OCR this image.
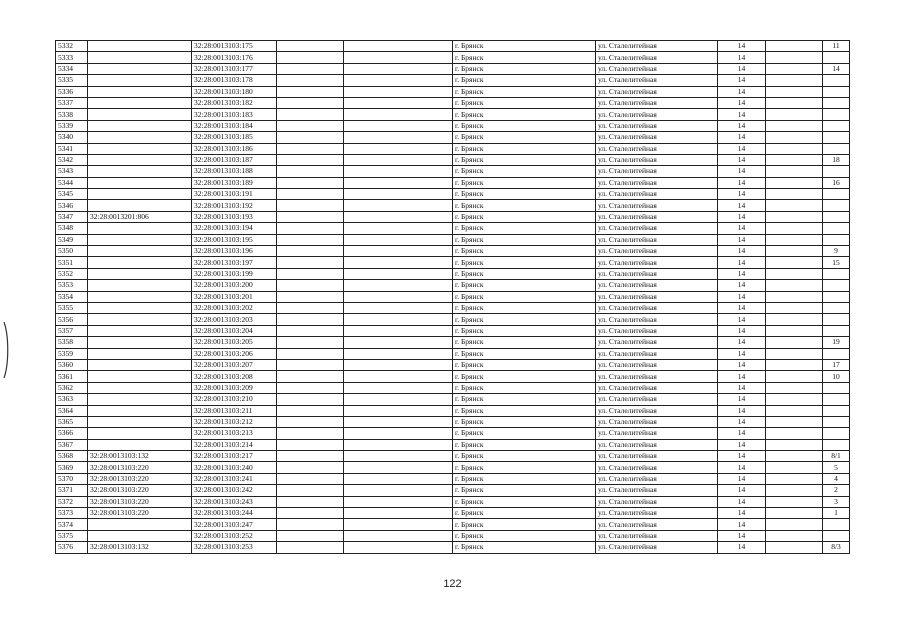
5332		32:28:0013103:175			г. Брянск	ул. Сталелитейная	14		11
5333		32:28:0013103:176			г. Брянск	ул. Сталелитейная	14		
5334		32:28:0013103:177			г. Брянск	ул. Сталелитейная	14		14
5335		32:28:0013103:178			г. Брянск	ул. Сталелитейная	14		
5336		32:28:0013103:180			г. Брянск	ул. Сталелитейная	14		
5337		32:28:0013103:182			г. Брянск	ул. Сталелитейная	14		
5338		32:28:0013103:183			г. Брянск	ул. Сталелитейная	14		
5339		32:28:0013103:184			г. Брянск	ул. Сталелитейная	14		
5340		32:28:0013103:185			г. Брянск	ул. Сталелитейная	14		
5341		32:28:0013103:186			г. Брянск	ул. Сталелитейная	14		
5342		32:28:0013103:187			г. Брянск	ул. Сталелитейная	14		18
5343		32:28:0013103:188			г. Брянск	ул. Сталелитейная	14		
5344		32:28:0013103:189			г. Брянск	ул. Сталелитейная	14		16
5345		32:28:0013103:191			г. Брянск	ул. Сталелитейная	14		
5346		32:28:0013103:192			г. Брянск	ул. Сталелитейная	14		
5347	32:28:0013201:806	32:28:0013103:193			г. Брянск	ул. Сталелитейная	14		
5348		32:28:0013103:194			г. Брянск	ул. Сталелитейная	14		
5349		32:28:0013103:195			г. Брянск	ул. Сталелитейная	14		
5350		32:28:0013103:196			г. Брянск	ул. Сталелитейная	14		9
5351		32:28:0013103:197			г. Брянск	ул. Сталелитейная	14		15
5352		32:28:0013103:199			г. Брянск	ул. Сталелитейная	14		
5353		32:28:0013103:200			г. Брянск	ул. Сталелитейная	14		
5354		32:28:0013103:201			г. Брянск	ул. Сталелитейная	14		
5355		32:28:0013103:202			г. Брянск	ул. Сталелитейная	14		
5356		32:28:0013103:203			г. Брянск	ул. Сталелитейная	14		
5357		32:28:0013103:204			г. Брянск	ул. Сталелитейная	14		
5358		32:28:0013103:205			г. Брянск	ул. Сталелитейная	14		19
5359		32:28:0013103:206			г. Брянск	ул. Сталелитейная	14		
5360		32:28:0013103:207			г. Брянск	ул. Сталелитейная	14		17
5361		32:28:0013103:208			г. Брянск	ул. Сталелитейная	14		10
5362		32:28:0013103:209			г. Брянск	ул. Сталелитейная	14		
5363		32:28:0013103:210			г. Брянск	ул. Сталелитейная	14		
5364		32:28:0013103:211			г. Брянск	ул. Сталелитейная	14		
5365		32:28:0013103:212			г. Брянск	ул. Сталелитейная	14		
5366		32:28:0013103:213			г. Брянск	ул. Сталелитейная	14		
5367		32:28:0013103:214			г. Брянск	ул. Сталелитейная	14		
5368	32:28:0013103:132	32:28:0013103:217			г. Брянск	ул. Сталелитейная	14		8/1
5369	32:28:0013103:220	32:28:0013103:240			г. Брянск	ул. Сталелитейная	14		5
5370	32:28:0013103:220	32:28:0013103:241			г. Брянск	ул. Сталелитейная	14		4
5371	32:28:0013103:220	32:28:0013103:242			г. Брянск	ул. Сталелитейная	14		2
5372	32:28:0013103:220	32:28:0013103:243			г. Брянск	ул. Сталелитейная	14		3
5373	32:28:0013103:220	32:28:0013103:244			г. Брянск	ул. Сталелитейная	14		1
5374		32:28:0013103:247			г. Брянск	ул. Сталелитейная	14		
5375		32:28:0013103:252			г. Брянск	ул. Сталелитейная	14		
5376	32:28:0013103:132	32:28:0013103:253			г. Брянск	ул. Сталелитейная	14		8/3
122
